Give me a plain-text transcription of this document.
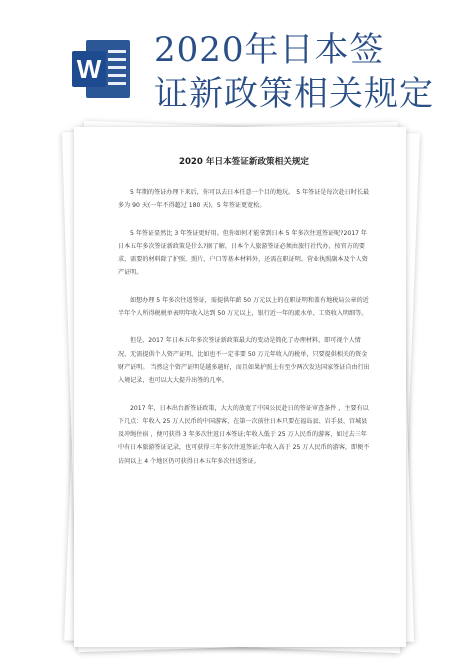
W 2020年日本签
证新政策相关规定
2020 年日本签证新政策相关规定

5 年期的签证办理下来后，你可以去日本任意一个目的地玩。 5 年签证是每次赴日时长最多为 90 天(一年不得超过 180 天)，5 年签证更宽松。

5 年签证显然比 3 年签证更好用。但你如何才能拿到日本 5 年多次往返签证呢?2017 年日本五年多次签证新政策是什么?据了解，日本个人旅游签证必须由旅行社代办，按官方的要求，需要的材料除了护照、照片、户口等基本材料外，还需在职证明、营业执照副本及个人资产证明。

如想办理 5 年多次往返签证，需提供年薪 50 万元以上的在职证明和盖有地税局公章的近半年个人所得税税单表明年收入达到 50 万元以上，银行近一年的流水单、工资收入明细等。

但是，2017 年日本五年多次签证新政策最大的变动是简化了办理材料，即可视个人情况，无需提供个人资产证明，比如也不一定非要 50 万元年收入的税单，只要提供相关的资金财产证明。 当然这个资产证明是越多越好，而且如果护照上有至少两次发达国家签证自由行出入境记录，也可以大大提升出签的几率。

2017 年，日本出台新签证政策，大大的放宽了中国公民赴日的签证审查条件 ，主要有以下几点：年收入 25 万人民币的中国游客，在第一次前往日本只要在福岛县、岩手县、宫城县及冲绳住宿 ，便可获得 3 年多次往返日本签证;年收入低于 25 万人民币的游客，如过去三年中有日本旅游签证记录，也可获得三年多次往返签证;年收入高于 25 万人民币的游客，即便不访问以上 4 个地区仍可获得日本五年多次往返签证。
